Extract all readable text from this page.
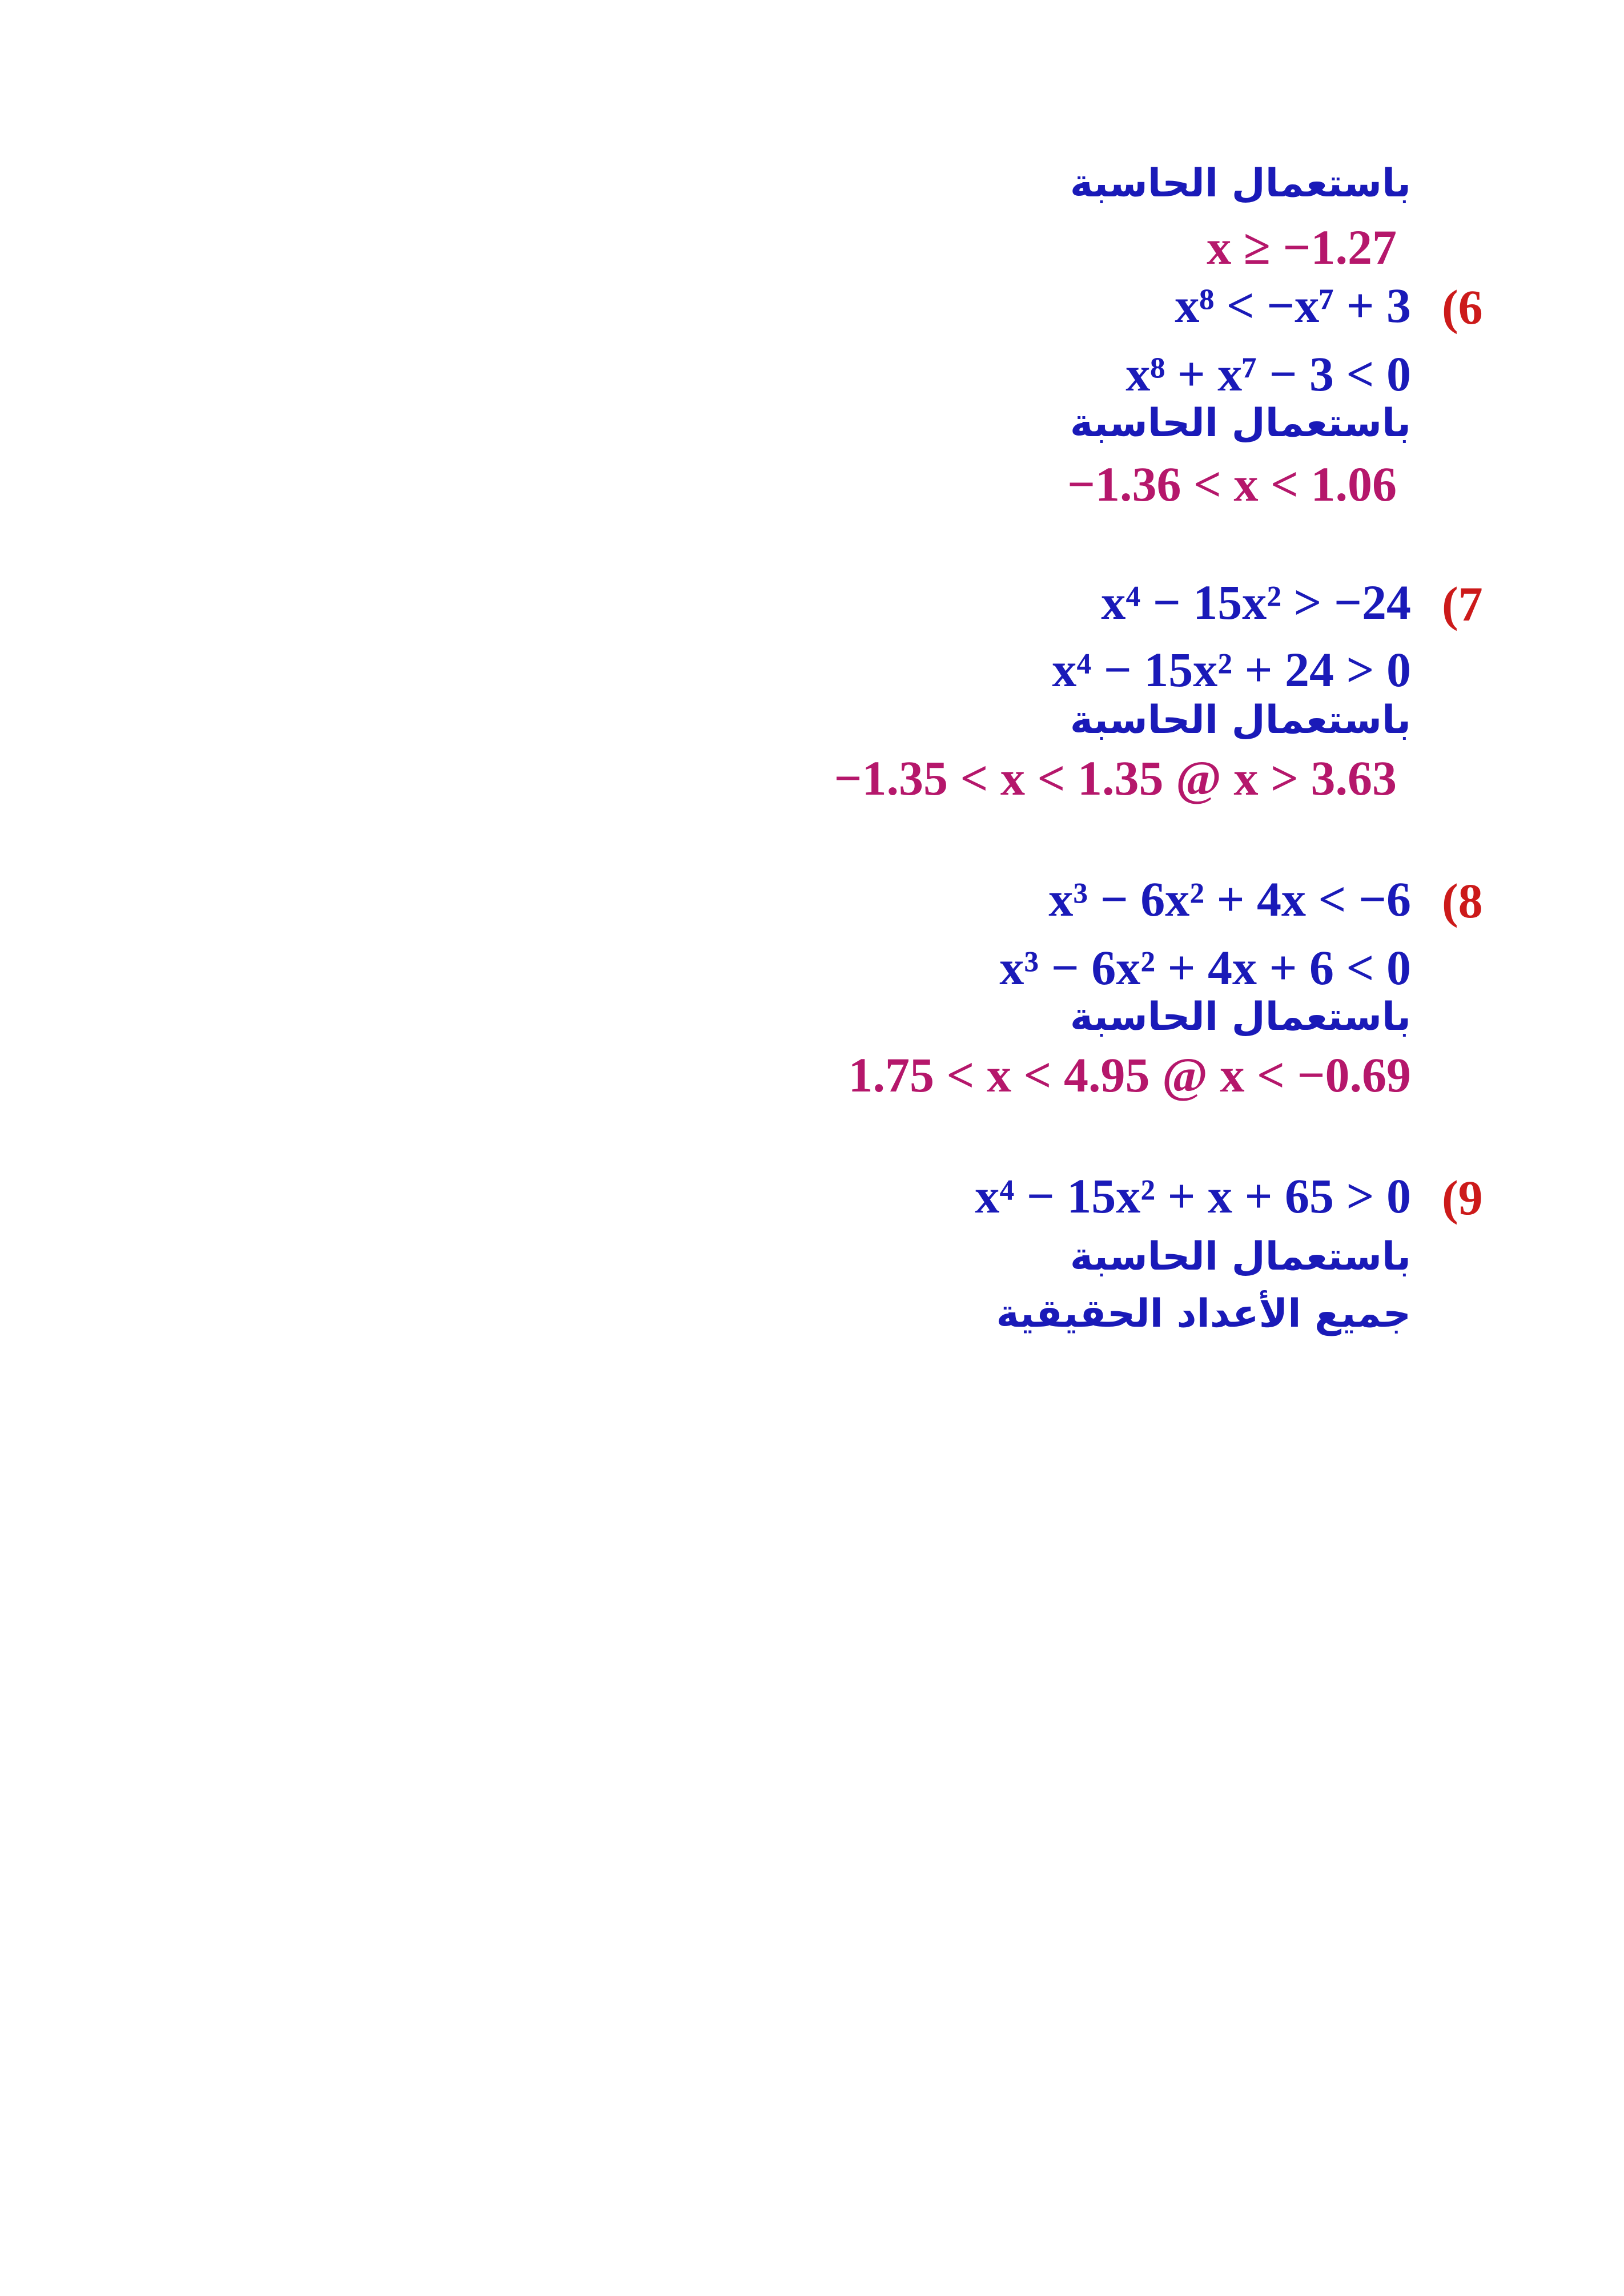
باستعمال الحاسبة
x ≥ −1.27
(6
x⁸ < −x⁷ + 3
x⁸ + x⁷ − 3 < 0
باستعمال الحاسبة
−1.36 < x < 1.06
(7
x⁴ − 15x² > −24
x⁴ − 15x² + 24 > 0
باستعمال الحاسبة
−1.35 < x < 1.35 @ x > 3.63
(8
x³ − 6x² + 4x < −6
x³ − 6x² + 4x + 6 < 0
باستعمال الحاسبة
1.75 < x < 4.95 @ x < −0.69
(9
x⁴ − 15x² + x + 65 > 0
باستعمال الحاسبة
جميع الأعداد الحقيقية
